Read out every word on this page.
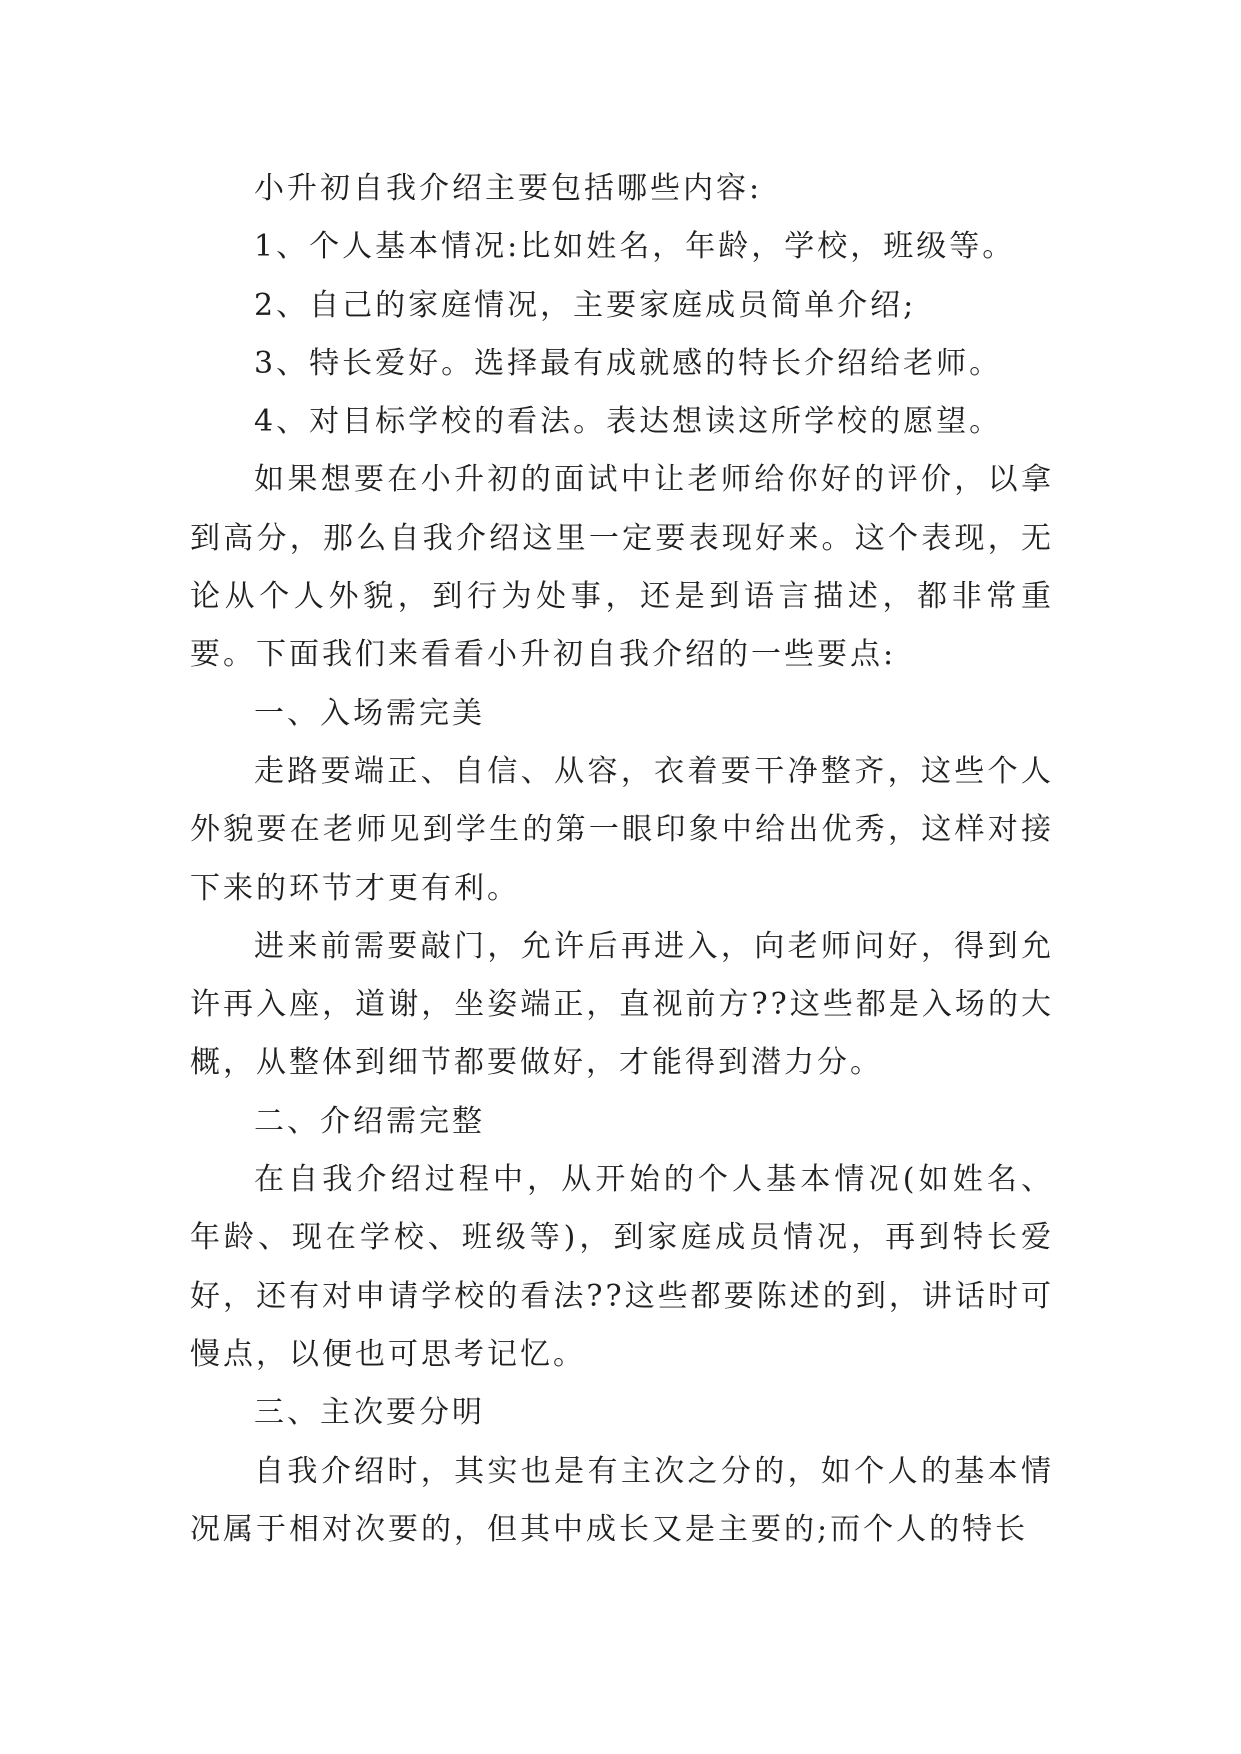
小升初自我介绍主要包括哪些内容:

1、个人基本情况:比如姓名，年龄，学校，班级等。

2、自己的家庭情况，主要家庭成员简单介绍;

3、特长爱好。选择最有成就感的特长介绍给老师。

4、对目标学校的看法。表达想读这所学校的愿望。

如果想要在小升初的面试中让老师给你好的评价，以拿到高分，那么自我介绍这里一定要表现好来。这个表现，无论从个人外貌，到行为处事，还是到语言描述，都非常重要。下面我们来看看小升初自我介绍的一些要点:

一、入场需完美

走路要端正、自信、从容，衣着要干净整齐，这些个人外貌要在老师见到学生的第一眼印象中给出优秀，这样对接下来的环节才更有利。

进来前需要敲门，允许后再进入，向老师问好，得到允许再入座，道谢，坐姿端正，直视前方??这些都是入场的大概，从整体到细节都要做好，才能得到潜力分。

二、介绍需完整

在自我介绍过程中，从开始的个人基本情况(如姓名、年龄、现在学校、班级等)，到家庭成员情况，再到特长爱好，还有对申请学校的看法??这些都要陈述的到，讲话时可慢点，以便也可思考记忆。

三、主次要分明

自我介绍时，其实也是有主次之分的，如个人的基本情况属于相对次要的，但其中成长又是主要的;而个人的特长
